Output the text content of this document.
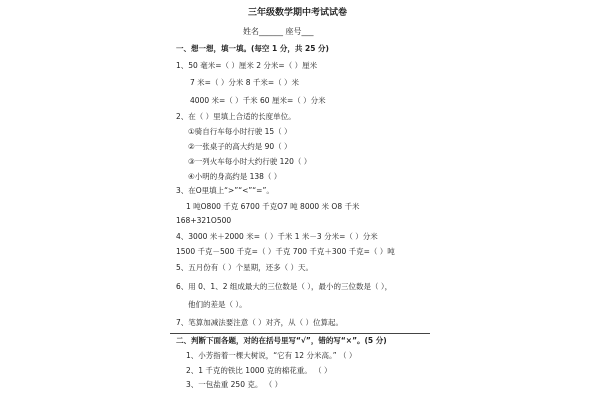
三年级数学期中考试试卷
姓名______ 座号___
一、想一想，填一填。(每空 1 分，共 25 分)
1、50 毫米=（ ）厘米 2 分米=（ ）厘米
7 米=（ ）分米 8 千米=（ ）米
4000 米=（ ）千米 60 厘米=（ ）分米
2、在（ ）里填上合适的长度单位。
①骑自行车每小时行驶 15（ ）
②一张桌子的高大约是 90（ ）
③一列火车每小时大约行驶 120（ ）
④小明的身高约是 138（ ）
3、在O里填上“>”“<”“=”。
1 吨O800 千克 6700 千克O7 吨 8000 米 O8 千米
168+321O500
4、3000 米＋2000 米=（ ）千米 1 米－3 分米=（ ）分米
1500 千克－500 千克=（ ）千克 700 千克＋300 千克=（ ）吨
5、五月份有（ ）个星期，还多（ ）天。
6、用 0、1、2 组成最大的三位数是（ ），最小的三位数是（ ），
他们的差是（ ）。
7、笔算加减法要注意（ ）对齐，从（ ）位算起。
二、判断下面各题，对的在括号里写“√”，错的写“×”。(5 分)
1、小芳指着一棵大树说，“它有 12 分米高。” （ ）
2、1 千克的铁比 1000 克的棉花重。 （ ）
3、一包盐重 250 克。 （ ）
